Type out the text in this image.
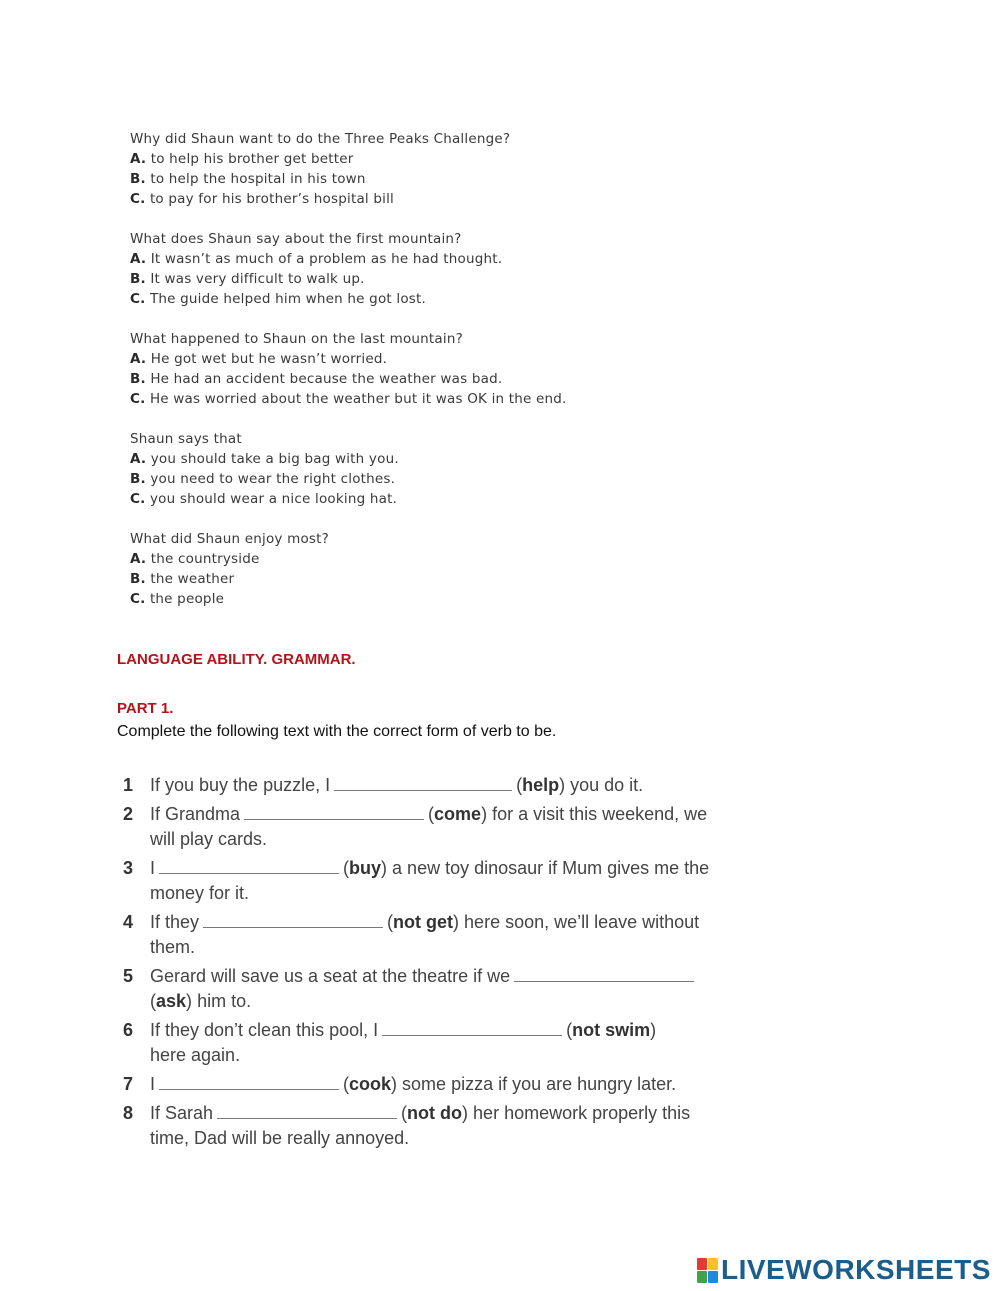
Why did Shaun want to do the Three Peaks Challenge?
A. to help his brother get better
B. to help the hospital in his town
C. to pay for his brother’s hospital bill
What does Shaun say about the first mountain?
A. It wasn’t as much of a problem as he had thought.
B. It was very difficult to walk up.
C. The guide helped him when he got lost.
What happened to Shaun on the last mountain?
A. He got wet but he wasn’t worried.
B. He had an accident because the weather was bad.
C. He was worried about the weather but it was OK in the end.
Shaun says that
A. you should take a big bag with you.
B. you need to wear the right clothes.
C. you should wear a nice looking hat.
What did Shaun enjoy most?
A. the countryside
B. the weather
C. the people
LANGUAGE ABILITY. GRAMMAR.
PART 1.
Complete the following text with the correct form of verb to be.
1 If you buy the puzzle, I	(help) you do it.
2 If Grandma	(come) for a visit this weekend, we
will play cards.
3 I	(buy) a new toy dinosaur if Mum gives me the
money for it.
4 If they	(not get) here soon, we’ll leave without
them.
5 Gerard will save us a seat at the theatre if we
(ask) him to.
6 If they don’t clean this pool, I	(not swim)
here again.
7 I	(cook) some pizza if you are hungry later.
8 If Sarah	(not do) her homework properly this
time, Dad will be really annoyed.
LIVEWORKSHEETS
